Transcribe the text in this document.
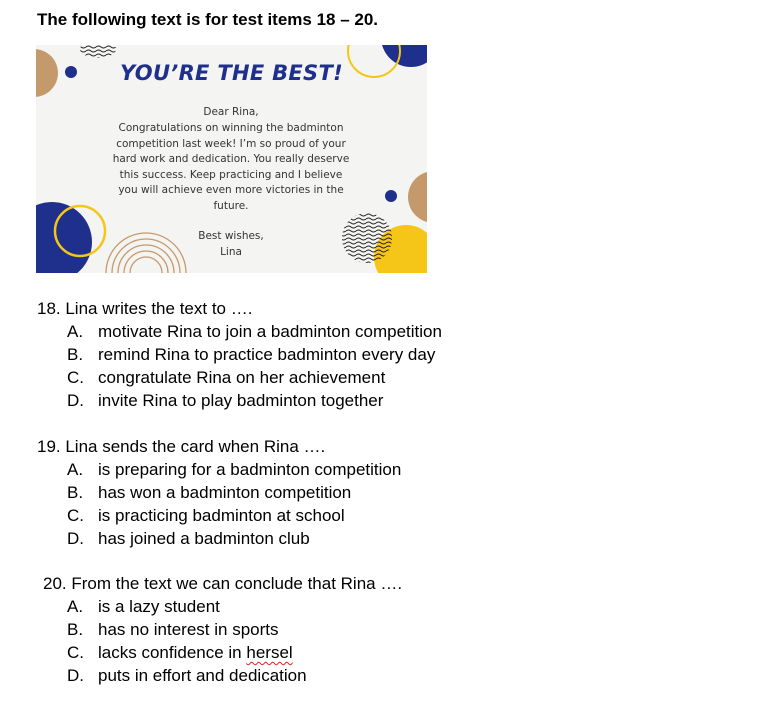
The following text is for test items 18 – 20.
YOU’RE THE BEST!
Dear Rina,
Congratulations on winning the badminton
competition last week! I’m so proud of your
hard work and dedication. You really deserve
this success. Keep practicing and I believe
you will achieve even more victories in the
future.
Best wishes,
Lina
18. Lina writes the text to ….
A. motivate Rina to join a badminton competition
B. remind Rina to practice badminton every day
C. congratulate Rina on her achievement
D. invite Rina to play badminton together
19. Lina sends the card when Rina ….
A. is preparing for a badminton competition
B. has won a badminton competition
C. is practicing badminton at school
D. has joined a badminton club
20. From the text we can conclude that Rina ….
A. is a lazy student
B. has no interest in sports
C. lacks confidence in hersel
D. puts in effort and dedication
